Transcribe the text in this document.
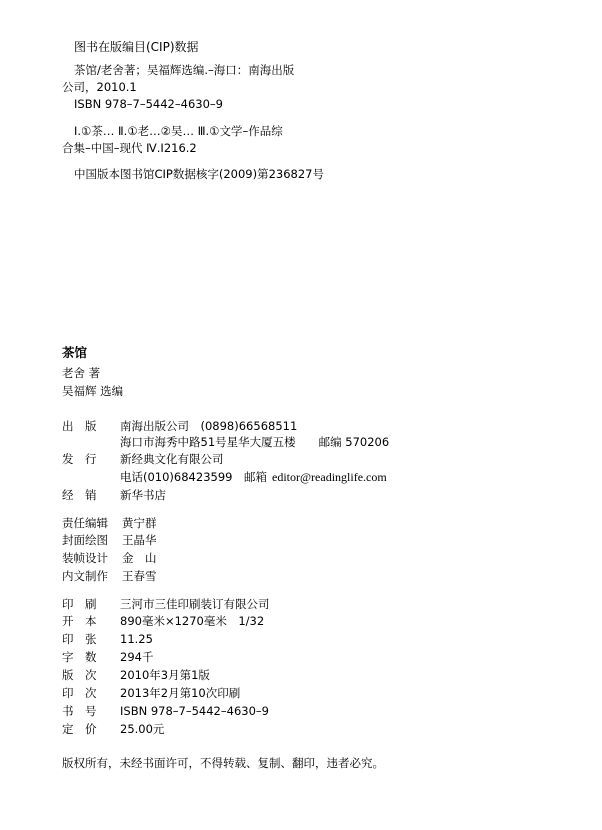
图书在版编目(CIP)数据
茶馆/老舍著；吴福辉选编.–海口：南海出版
公司，2010.1
ISBN 978–7–5442–4630–9
Ⅰ.①茶… Ⅱ.①老…②吴… Ⅲ.①文学–作品综
合集–中国–现代 Ⅳ.I216.2
中国版本图书馆CIP数据核字(2009)第236827号
茶馆
老舍 著
吴福辉 选编
出　版 南海出版公司　(0898)66568511
海口市海秀中路51号星华大厦五楼　　邮编 570206
发　行 新经典文化有限公司
电话(010)68423599 邮箱 editor@readinglife.com
经　销 新华书店
责任编辑 黄宁群
封面绘图 王晶华
装帧设计 金　山
内文制作 王春雪
印　刷 三河市三佳印刷装订有限公司
开　本 890毫米×1270毫米　1/32
印　张 11.25
字　数 294千
版　次 2010年3月第1版
印　次 2013年2月第10次印刷
书　号 ISBN 978–7–5442–4630–9
定　价 25.00元
版权所有，未经书面许可，不得转载、复制、翻印，违者必究。
